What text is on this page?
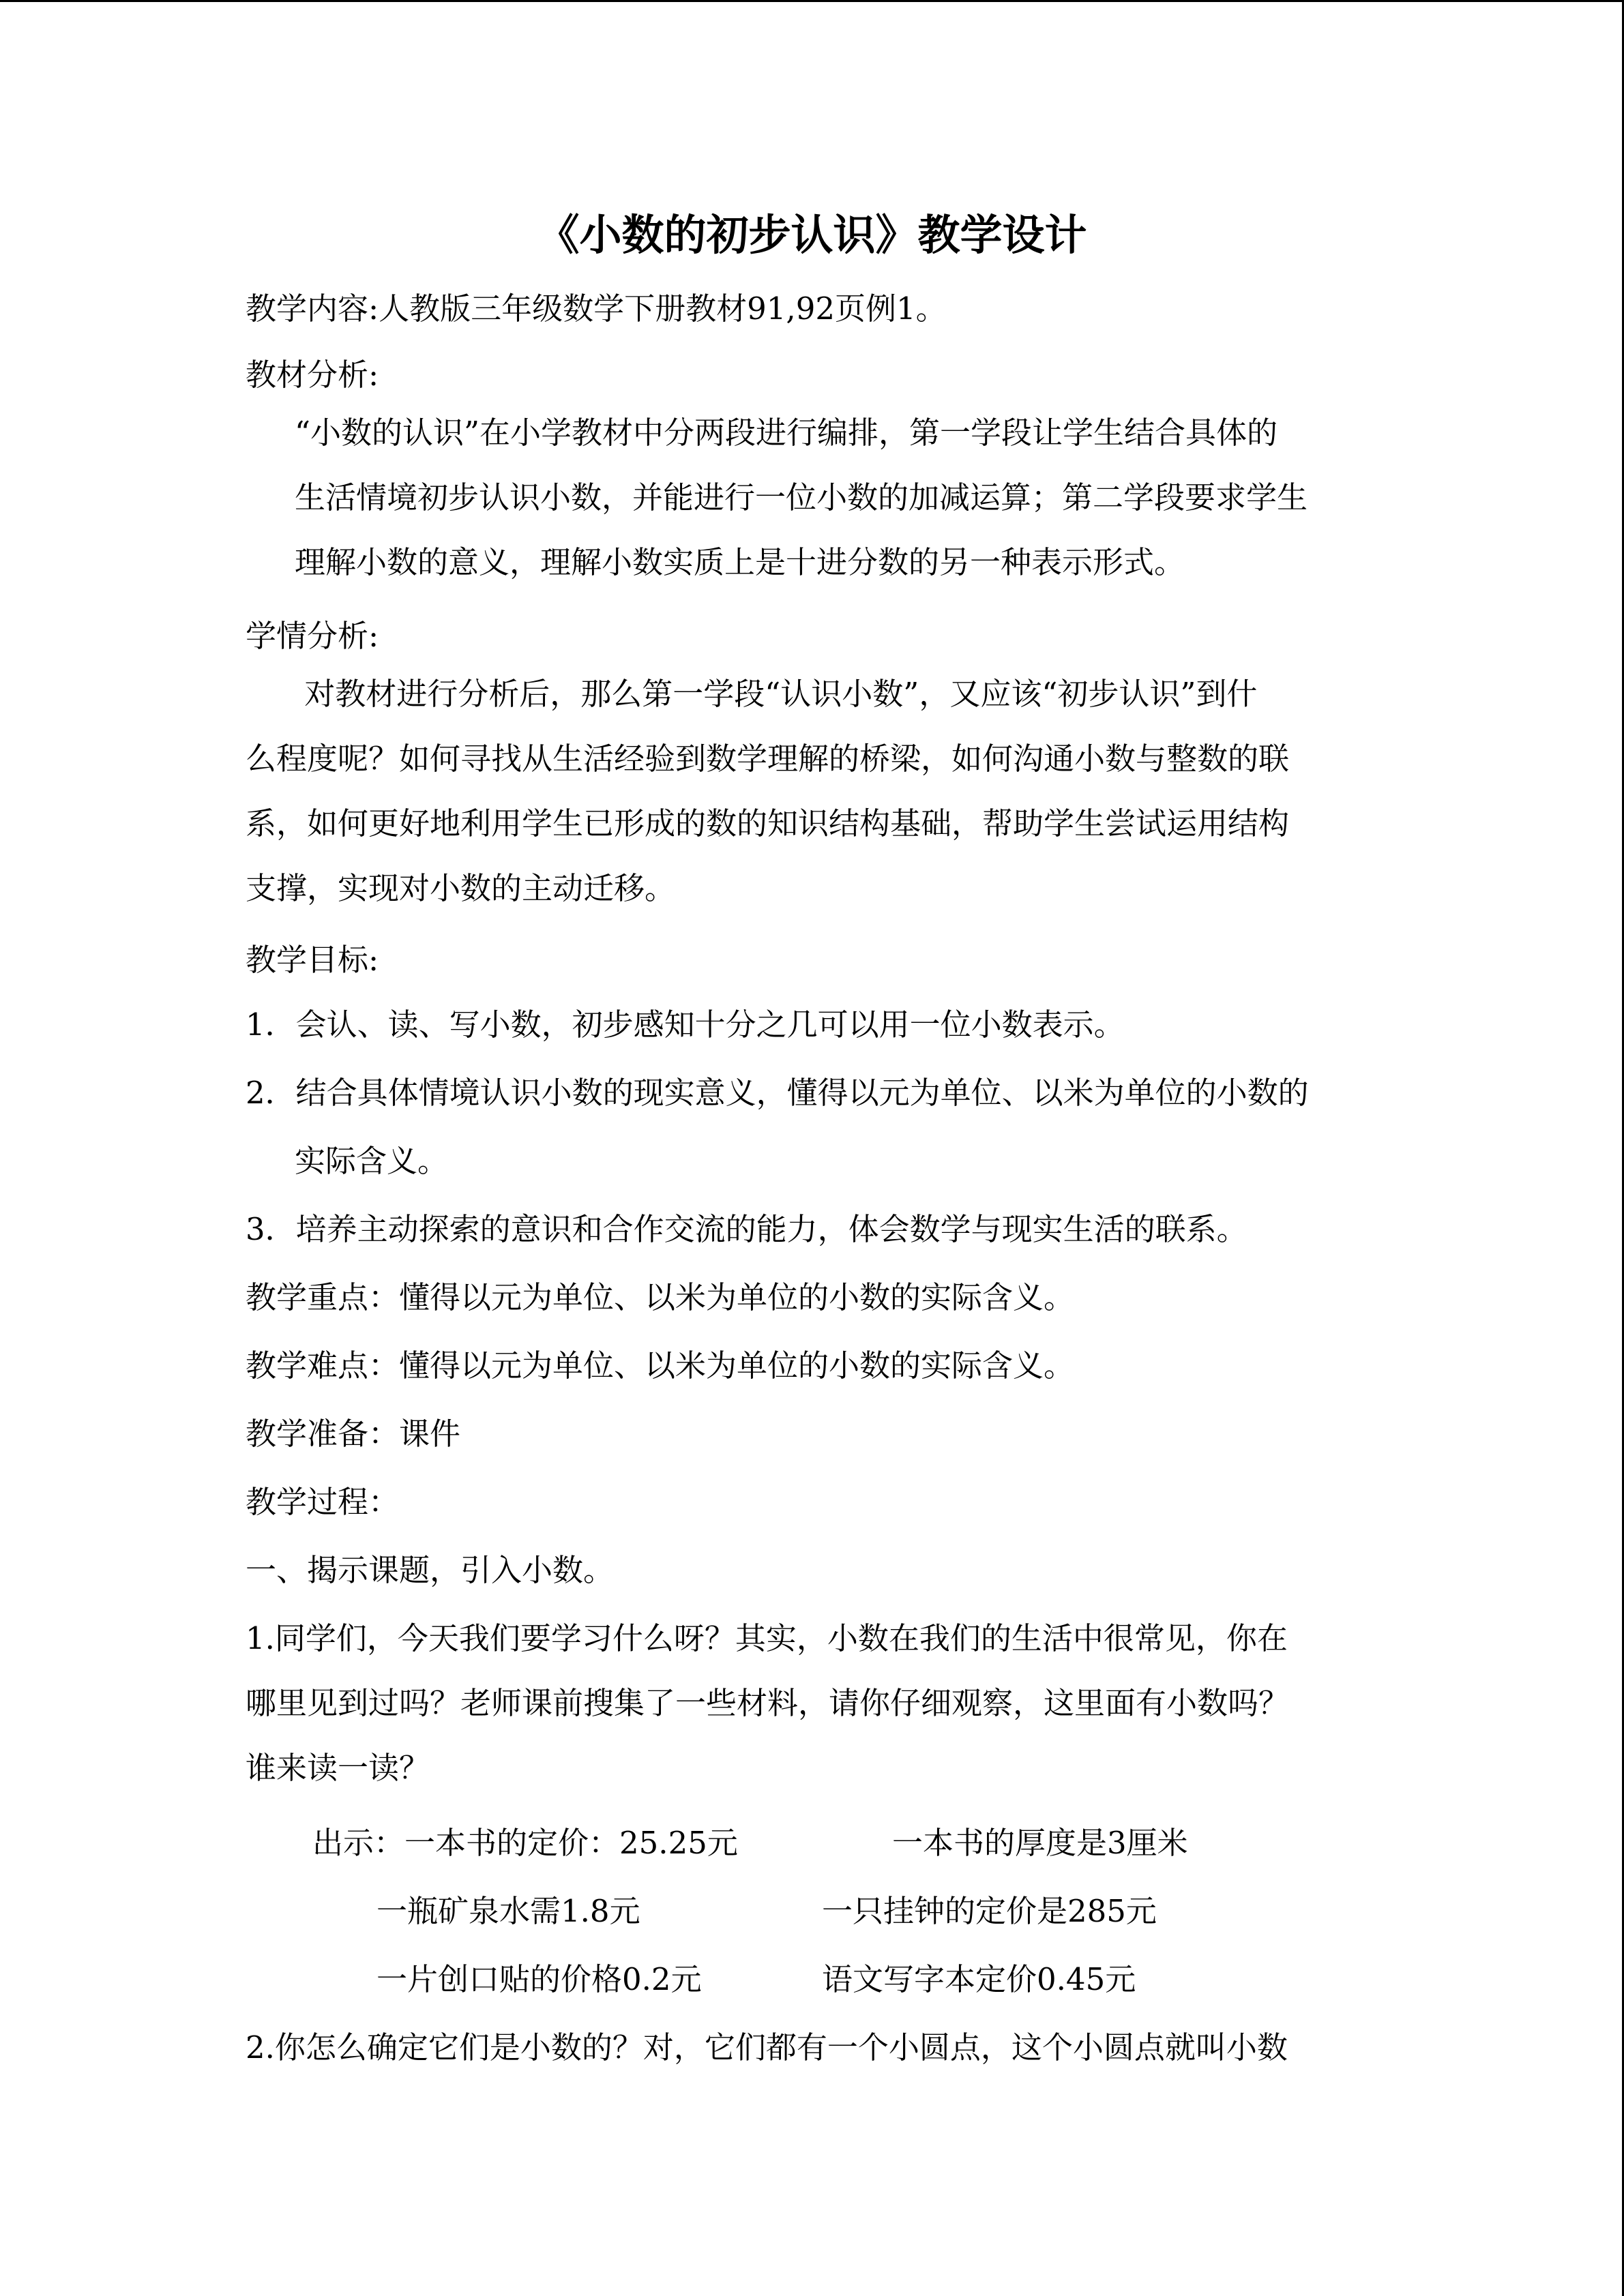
《小数的初步认识》教学设计
教学内容:人教版三年级数学下册教材91,92页例1。
教材分析:
“小数的认识”在小学教材中分两段进行编排，第一学段让学生结合具体的
生活情境初步认识小数，并能进行一位小数的加减运算；第二学段要求学生
理解小数的意义，理解小数实质上是十进分数的另一种表示形式。
学情分析:
对教材进行分析后，那么第一学段“认识小数”，又应该“初步认识”到什
么程度呢？如何寻找从生活经验到数学理解的桥梁，如何沟通小数与整数的联
系，如何更好地利用学生已形成的数的知识结构基础，帮助学生尝试运用结构
支撑，实现对小数的主动迁移。
教学目标:
1．会认、读、写小数，初步感知十分之几可以用一位小数表示。
2．结合具体情境认识小数的现实意义，懂得以元为单位、以米为单位的小数的
实际含义。
3．培养主动探索的意识和合作交流的能力，体会数学与现实生活的联系。
教学重点：懂得以元为单位、以米为单位的小数的实际含义。
教学难点：懂得以元为单位、以米为单位的小数的实际含义。
教学准备：课件
教学过程：
一、揭示课题，引入小数。
1.同学们，今天我们要学习什么呀？其实，小数在我们的生活中很常见，你在
哪里见到过吗？老师课前搜集了一些材料，请你仔细观察，这里面有小数吗？
谁来读一读？
出示：一本书的定价：25.25元	一本书的厚度是3厘米
一瓶矿泉水需1.8元	一只挂钟的定价是285元
一片创口贴的价格0.2元	语文写字本定价0.45元
2.你怎么确定它们是小数的？对，它们都有一个小圆点，这个小圆点就叫小数
